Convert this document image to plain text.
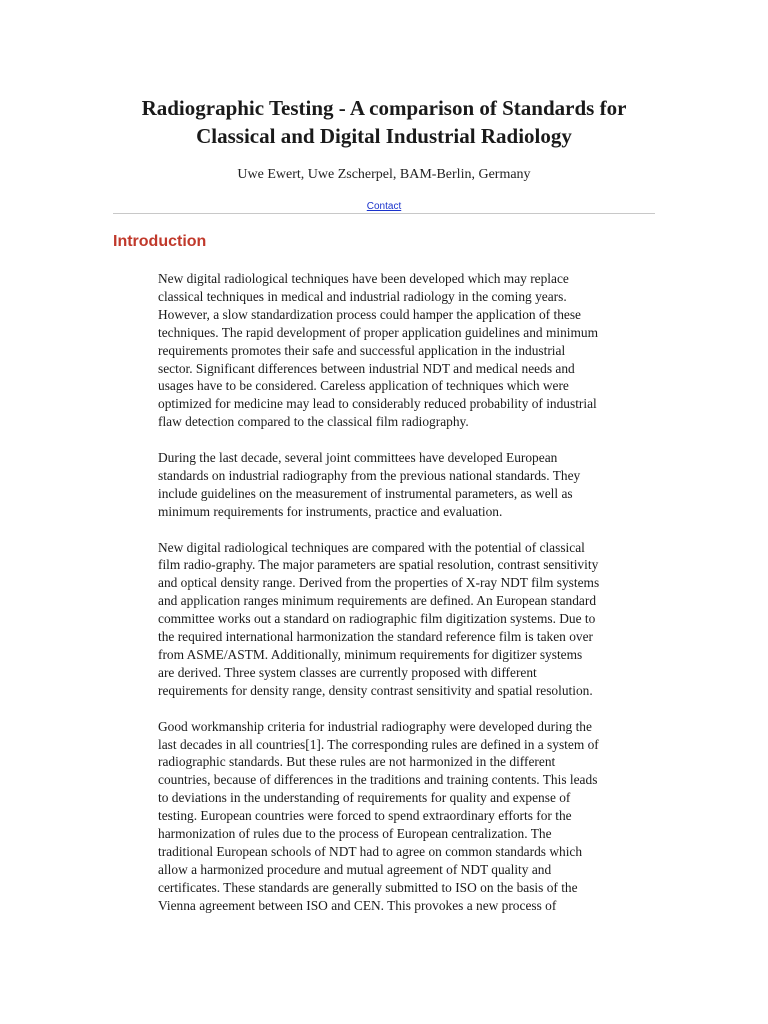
Radiographic Testing - A comparison of Standards for
Classical and Digital Industrial Radiology
Uwe Ewert, Uwe Zscherpel, BAM-Berlin, Germany
Contact
Introduction

New digital radiological techniques have been developed which may replace
classical techniques in medical and industrial radiology in the coming years.
However, a slow standardization process could hamper the application of these
techniques. The rapid development of proper application guidelines and minimum
requirements promotes their safe and successful application in the industrial
sector. Significant differences between industrial NDT and medical needs and
usages have to be considered. Careless application of techniques which were
optimized for medicine may lead to considerably reduced probability of industrial
flaw detection compared to the classical film radiography.

During the last decade, several joint committees have developed European
standards on industrial radiography from the previous national standards. They
include guidelines on the measurement of instrumental parameters, as well as
minimum requirements for instruments, practice and evaluation.

New digital radiological techniques are compared with the potential of classical
film radio-graphy. The major parameters are spatial resolution, contrast sensitivity
and optical density range. Derived from the properties of X-ray NDT film systems
and application ranges minimum requirements are defined. An European standard
committee works out a standard on radiographic film digitization systems. Due to
the required international harmonization the standard reference film is taken over
from ASME/ASTM. Additionally, minimum requirements for digitizer systems
are derived. Three system classes are currently proposed with different
requirements for density range, density contrast sensitivity and spatial resolution.

Good workmanship criteria for industrial radiography were developed during the
last decades in all countries[1]. The corresponding rules are defined in a system of
radiographic standards. But these rules are not harmonized in the different
countries, because of differences in the traditions and training contents. This leads
to deviations in the understanding of requirements for quality and expense of
testing. European countries were forced to spend extraordinary efforts for the
harmonization of rules due to the process of European centralization. The
traditional European schools of NDT had to agree on common standards which
allow a harmonized procedure and mutual agreement of NDT quality and
certificates. These standards are generally submitted to ISO on the basis of the
Vienna agreement between ISO and CEN. This provokes a new process of
